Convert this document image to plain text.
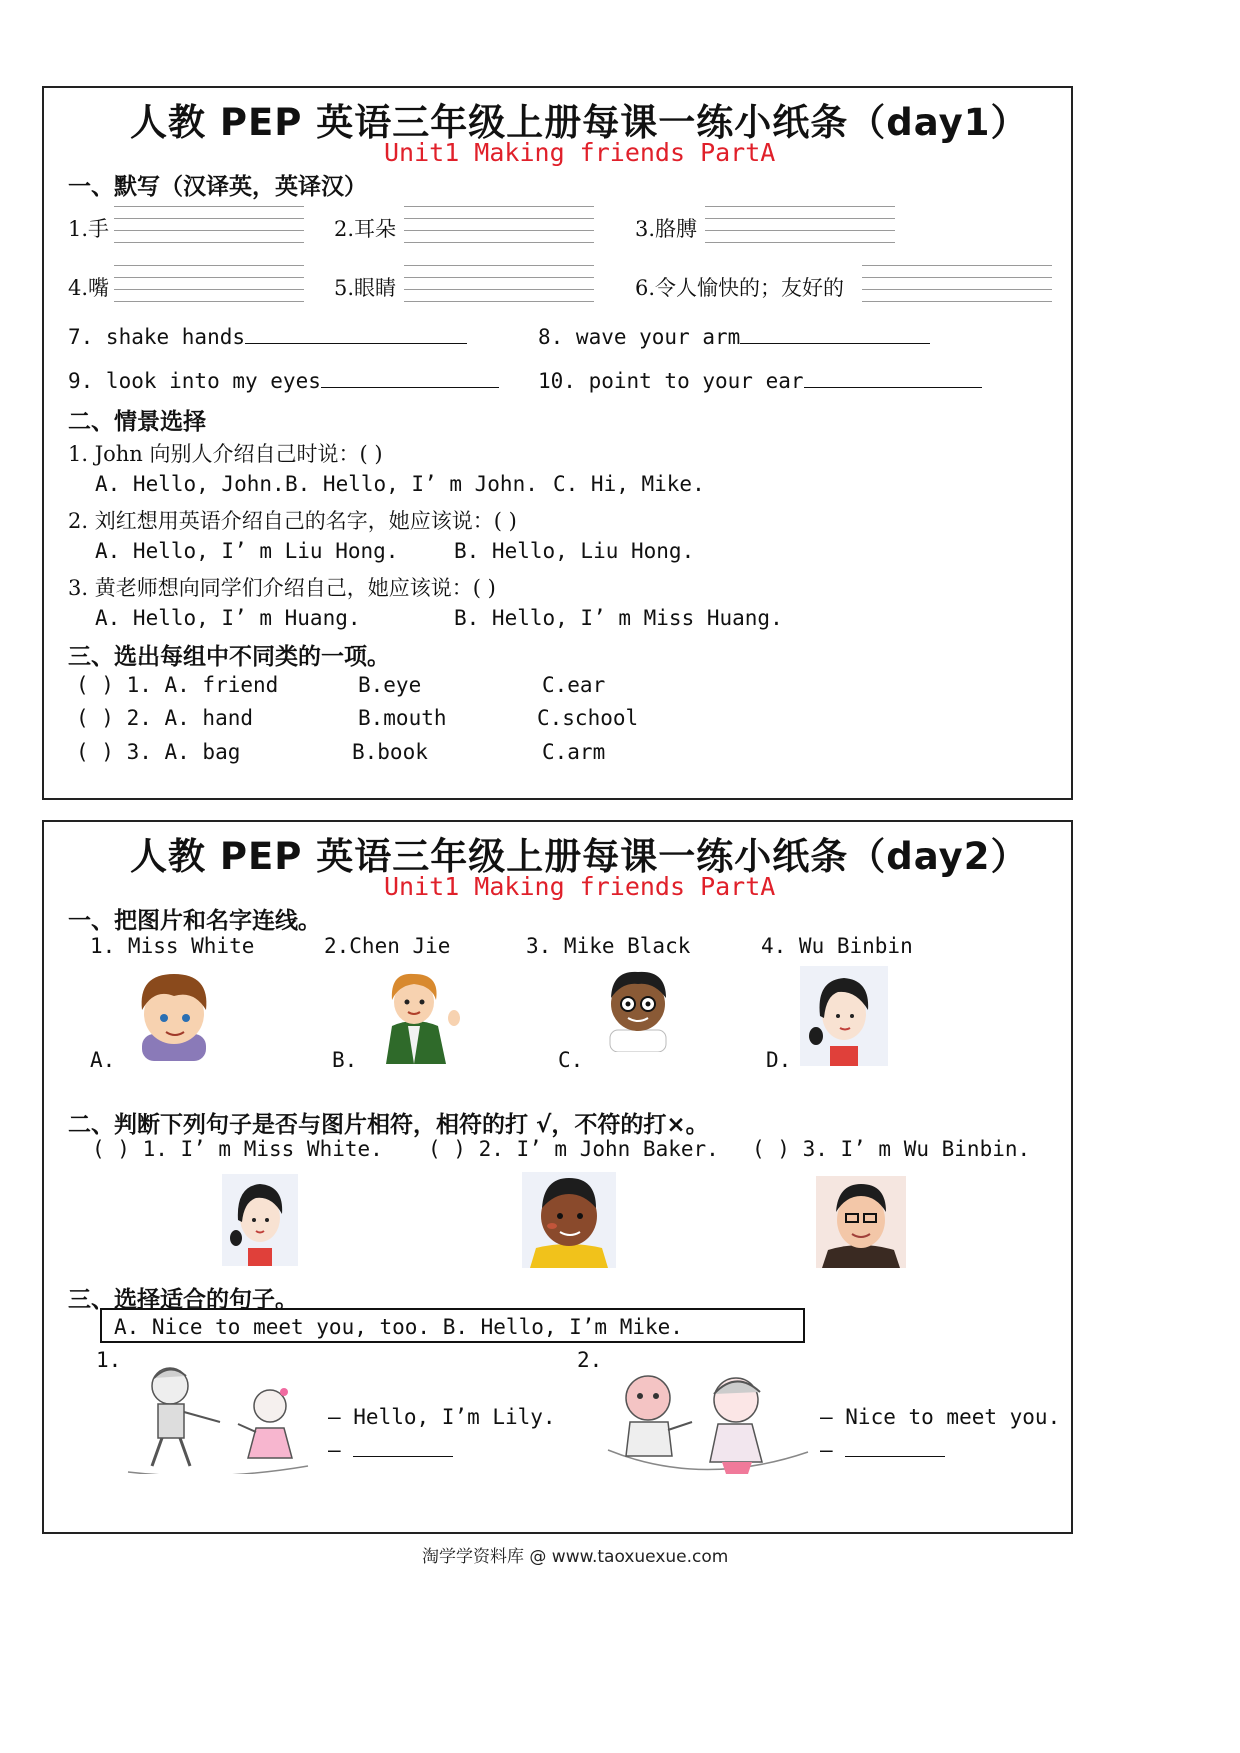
人教 PEP 英语三年级上册每课一练小纸条（day1）
Unit1 Making friends PartA
一、默写（汉译英，英译汉）
1.手	2.耳朵	3.胳膊
4.嘴	5.眼睛	6.令人愉快的；友好的
7. shake hands	8. wave your arm
9. look into my eyes	10. point to your ear
二、情景选择
1. John 向别人介绍自己时说：( )
A. Hello, John. B. Hello, I’ m John. C. Hi, Mike.
2. 刘红想用英语介绍自己的名字，她应该说：( )
A. Hello, I’ m Liu Hong.	B. Hello, Liu Hong.
3. 黄老师想向同学们介绍自己，她应该说：( )
A. Hello, I’ m Huang.	B. Hello, I’ m Miss Huang.
三、选出每组中不同类的一项。
( ) 1. A. friend	B.eye	C.ear
( ) 2. A. hand	B.mouth	C.school
( ) 3. A. bag	B.book	C.arm
人教 PEP 英语三年级上册每课一练小纸条（day2）
Unit1 Making friends PartA
一、把图片和名字连线。
1. Miss White	2.Chen Jie	3. Mike Black	4. Wu Binbin
A.	B.	C.	D.
二、判断下列句子是否与图片相符，相符的打 √，不符的打×。
( ) 1. I’ m Miss White. ( ) 2. I’ m John Baker. ( ) 3. I’ m Wu Binbin.
三、选择适合的句子。
A. Nice to meet you, too. B. Hello, I’m Mike.
1.
— Hello, I’m Lily.
—
2.
— Nice to meet you.
—
淘学学资料库 @ www.taoxuexue.com
